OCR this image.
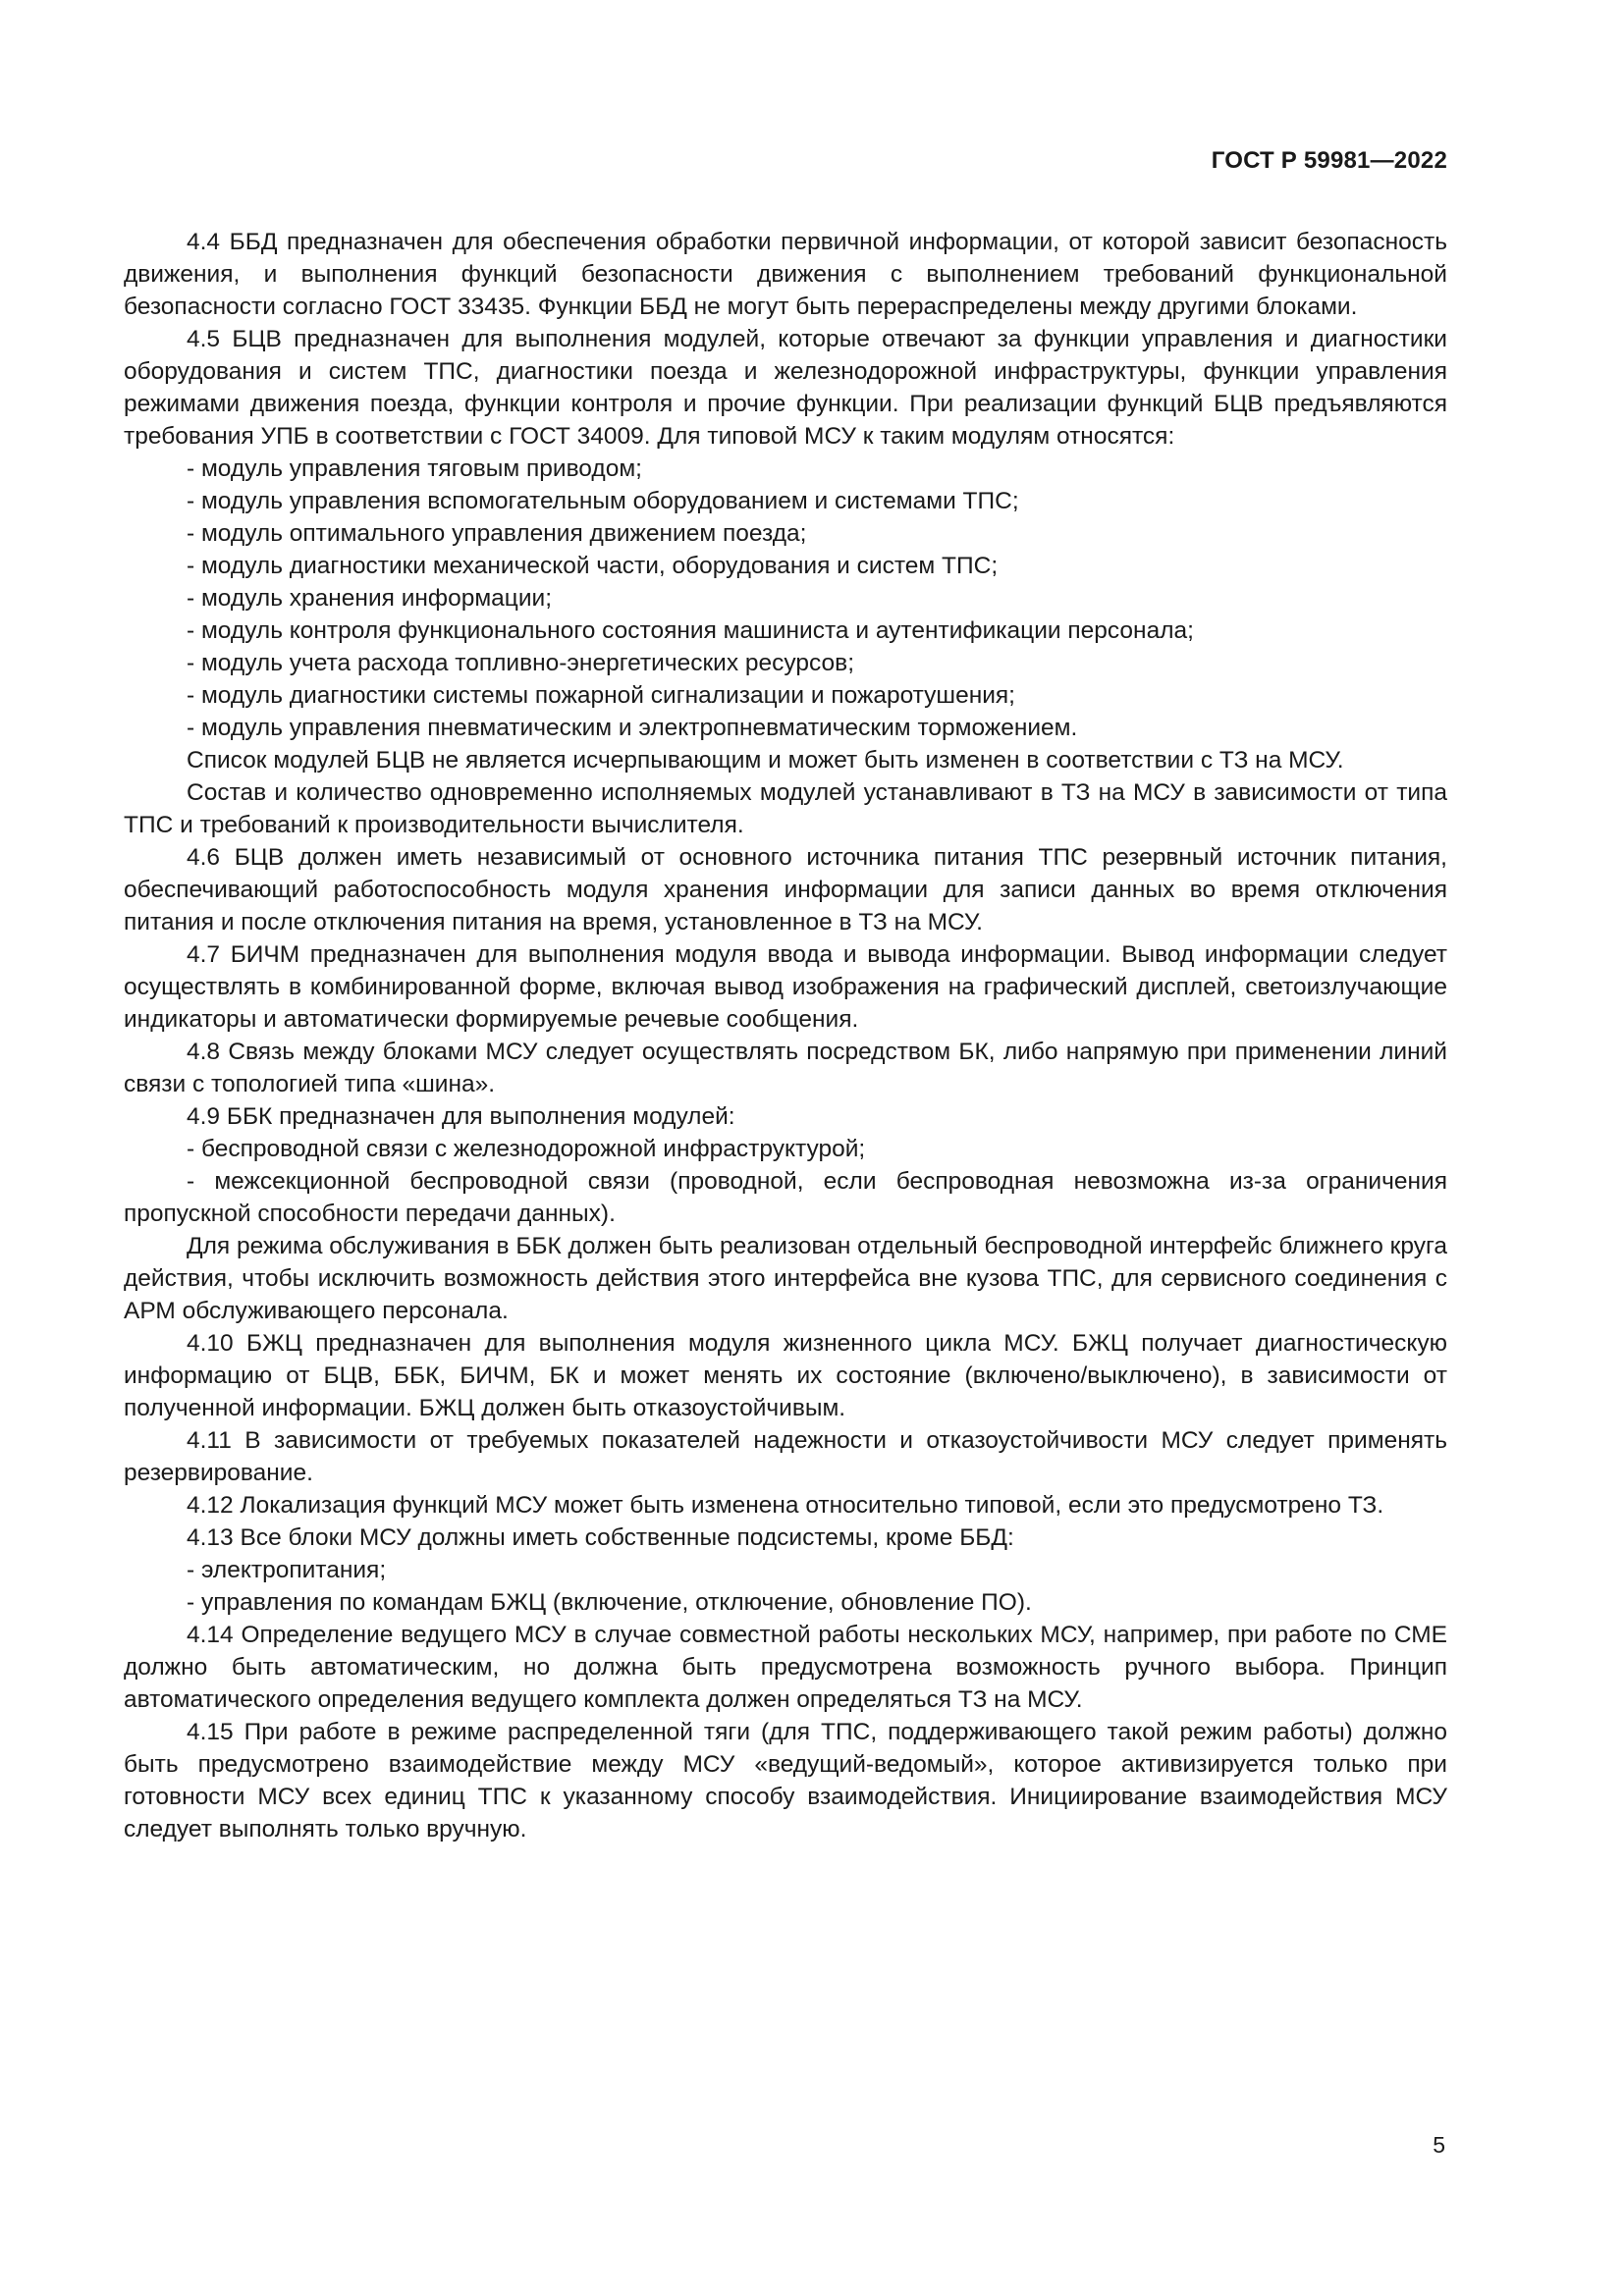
ГОСТ Р 59981—2022

4.4 ББД предназначен для обеспечения обработки первичной информации, от которой зависит безопасность движения, и выполнения функций безопасности движения с выполнением требований функциональной безопасности согласно ГОСТ 33435. Функции ББД не могут быть перераспределены между другими блоками.

4.5 БЦВ предназначен для выполнения модулей, которые отвечают за функции управления и диагностики оборудования и систем ТПС, диагностики поезда и железнодорожной инфраструктуры, функции управления режимами движения поезда, функции контроля и прочие функции. При реализации функций БЦВ предъявляются требования УПБ в соответствии с ГОСТ 34009. Для типовой МСУ к таким модулям относятся:

- модуль управления тяговым приводом;

- модуль управления вспомогательным оборудованием и системами ТПС;

- модуль оптимального управления движением поезда;

- модуль диагностики механической части, оборудования и систем ТПС;

- модуль хранения информации;

- модуль контроля функционального состояния машиниста и аутентификации персонала;

- модуль учета расхода топливно-энергетических ресурсов;

- модуль диагностики системы пожарной сигнализации и пожаротушения;

- модуль управления пневматическим и электропневматическим торможением.

Список модулей БЦВ не является исчерпывающим и может быть изменен в соответствии с ТЗ на МСУ.

Состав и количество одновременно исполняемых модулей устанавливают в ТЗ на МСУ в зависимости от типа ТПС и требований к производительности вычислителя.

4.6 БЦВ должен иметь независимый от основного источника питания ТПС резервный источник питания, обеспечивающий работоспособность модуля хранения информации для записи данных во время отключения питания и после отключения питания на время, установленное в ТЗ на МСУ.

4.7 БИЧМ предназначен для выполнения модуля ввода и вывода информации. Вывод информации следует осуществлять в комбинированной форме, включая вывод изображения на графический дисплей, светоизлучающие индикаторы и автоматически формируемые речевые сообщения.

4.8 Связь между блоками МСУ следует осуществлять посредством БК, либо напрямую при применении линий связи с топологией типа «шина».

4.9 ББК предназначен для выполнения модулей:

- беспроводной связи с железнодорожной инфраструктурой;

- межсекционной беспроводной связи (проводной, если беспроводная невозможна из-за ограничения пропускной способности передачи данных).

Для режима обслуживания в ББК должен быть реализован отдельный беспроводной интерфейс ближнего круга действия, чтобы исключить возможность действия этого интерфейса вне кузова ТПС, для сервисного соединения с АРМ обслуживающего персонала.

4.10 БЖЦ предназначен для выполнения модуля жизненного цикла МСУ. БЖЦ получает диагностическую информацию от БЦВ, ББК, БИЧМ, БК и может менять их состояние (включено/выключено), в зависимости от полученной информации. БЖЦ должен быть отказоустойчивым.

4.11 В зависимости от требуемых показателей надежности и отказоустойчивости МСУ следует применять резервирование.

4.12 Локализация функций МСУ может быть изменена относительно типовой, если это предусмотрено ТЗ.

4.13 Все блоки МСУ должны иметь собственные подсистемы, кроме ББД:

- электропитания;

- управления по командам БЖЦ (включение, отключение, обновление ПО).

4.14 Определение ведущего МСУ в случае совместной работы нескольких МСУ, например, при работе по СМЕ должно быть автоматическим, но должна быть предусмотрена возможность ручного выбора. Принцип автоматического определения ведущего комплекта должен определяться ТЗ на МСУ.

4.15 При работе в режиме распределенной тяги (для ТПС, поддерживающего такой режим работы) должно быть предусмотрено взаимодействие между МСУ «ведущий-ведомый», которое активизируется только при готовности МСУ всех единиц ТПС к указанному способу взаимодействия. Инициирование взаимодействия МСУ следует выполнять только вручную.

5
